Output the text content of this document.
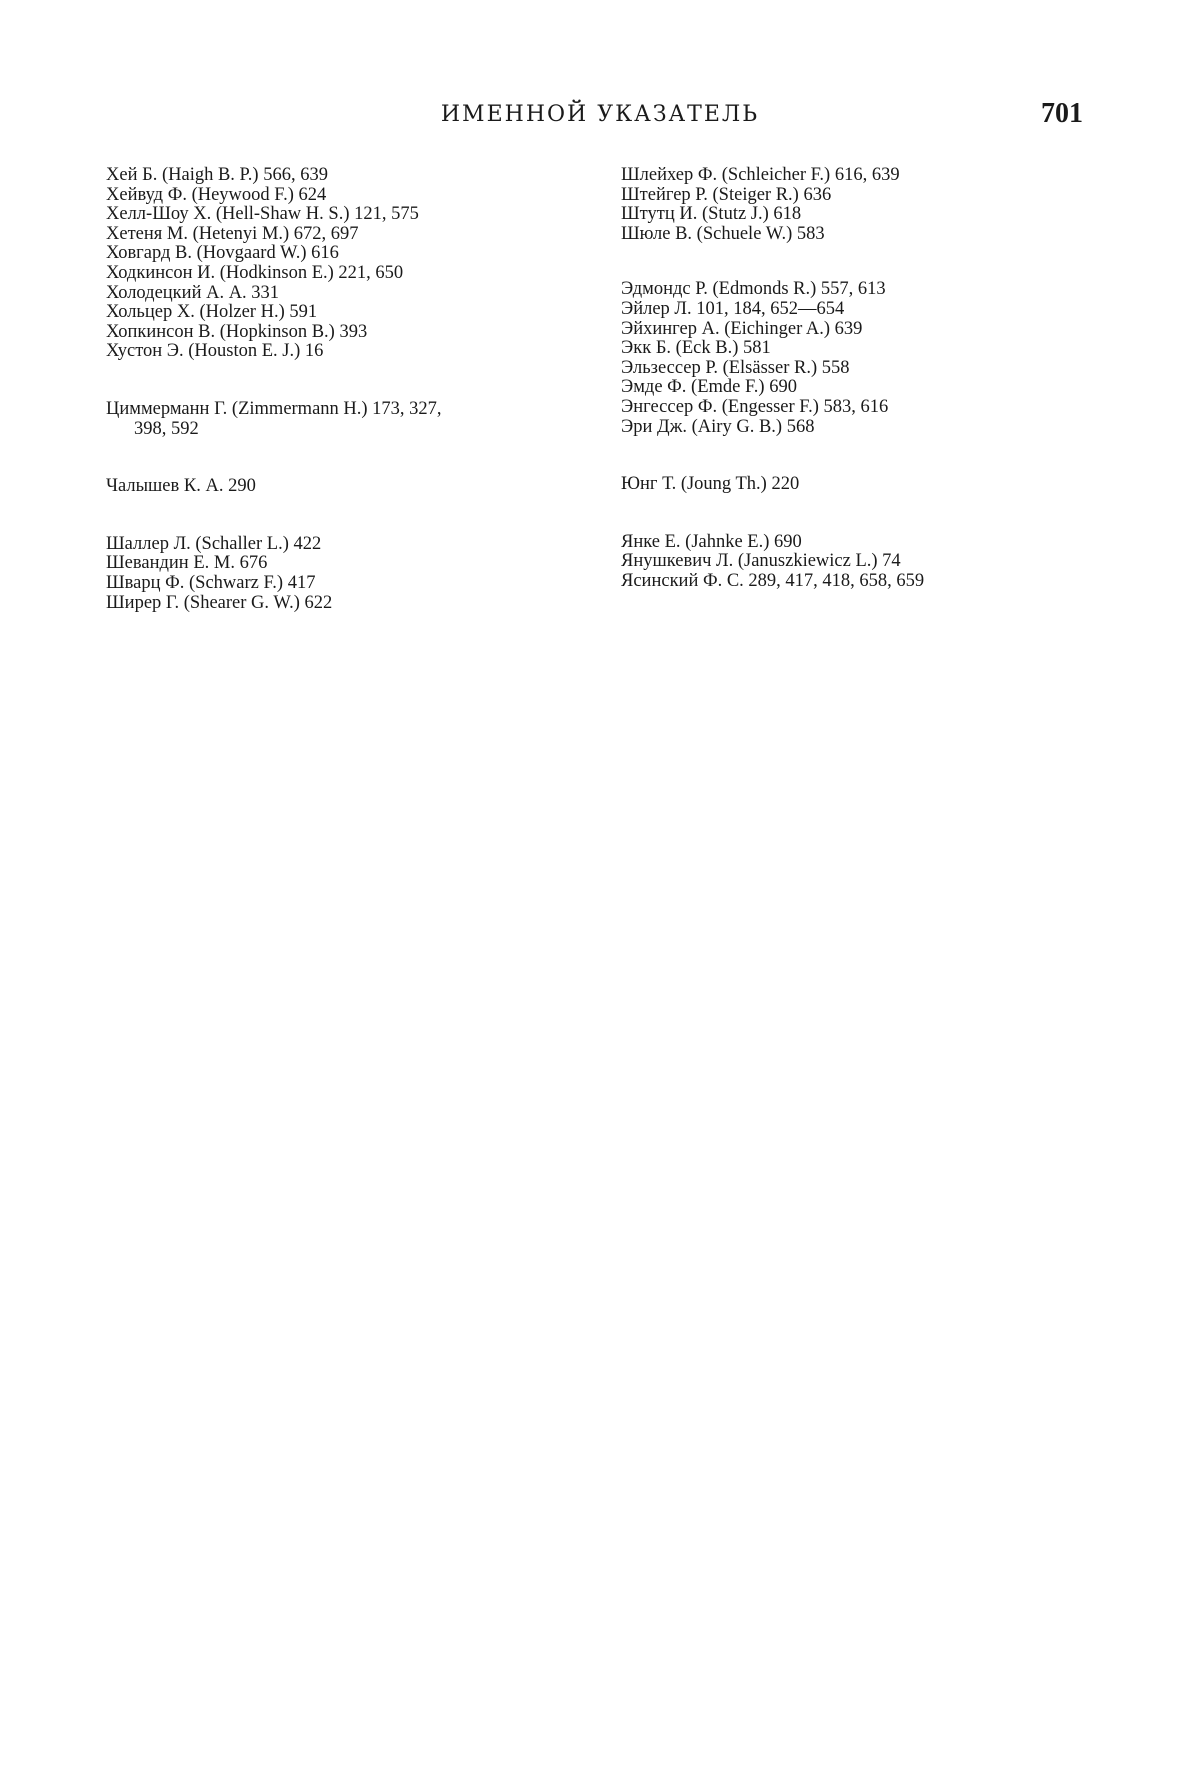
ИМЕННОЙ УКАЗАТЕЛЬ	701
Хей Б. (Haigh B. P.) 566, 639
Хейвуд Ф. (Heywood F.) 624
Хелл-Шоу Х. (Hell-Shaw H. S.) 121, 575
Хетеня М. (Hetenyi M.) 672, 697
Ховгард В. (Hovgaard W.) 616
Ходкинсон И. (Hodkinson E.) 221, 650
Холодецкий А. А. 331
Хольцер Х. (Holzer H.) 591
Хопкинсон В. (Hopkinson B.) 393
Хустон Э. (Houston E. J.) 16
Циммерманн Г. (Zimmermann H.) 173, 327,
398, 592
Чалышев К. А. 290
Шаллер Л. (Schaller L.) 422
Шевандин Е. М. 676
Шварц Ф. (Schwarz F.) 417
Ширер Г. (Shearer G. W.) 622
Шлейхер Ф. (Schleicher F.) 616, 639
Штейгер Р. (Steiger R.) 636
Штутц И. (Stutz J.) 618
Шюле В. (Schuele W.) 583
Эдмондс Р. (Edmonds R.) 557, 613
Эйлер Л. 101, 184, 652—654
Эйхингер А. (Eichinger A.) 639
Экк Б. (Eck B.) 581
Эльзессер Р. (Elsässer R.) 558
Эмде Ф. (Emde F.) 690
Энгессер Ф. (Engesser F.) 583, 616
Эри Дж. (Airy G. B.) 568
Юнг Т. (Joung Th.) 220
Янке Е. (Jahnke E.) 690
Янушкевич Л. (Januszkiewicz L.) 74
Ясинский Ф. С. 289, 417, 418, 658, 659
